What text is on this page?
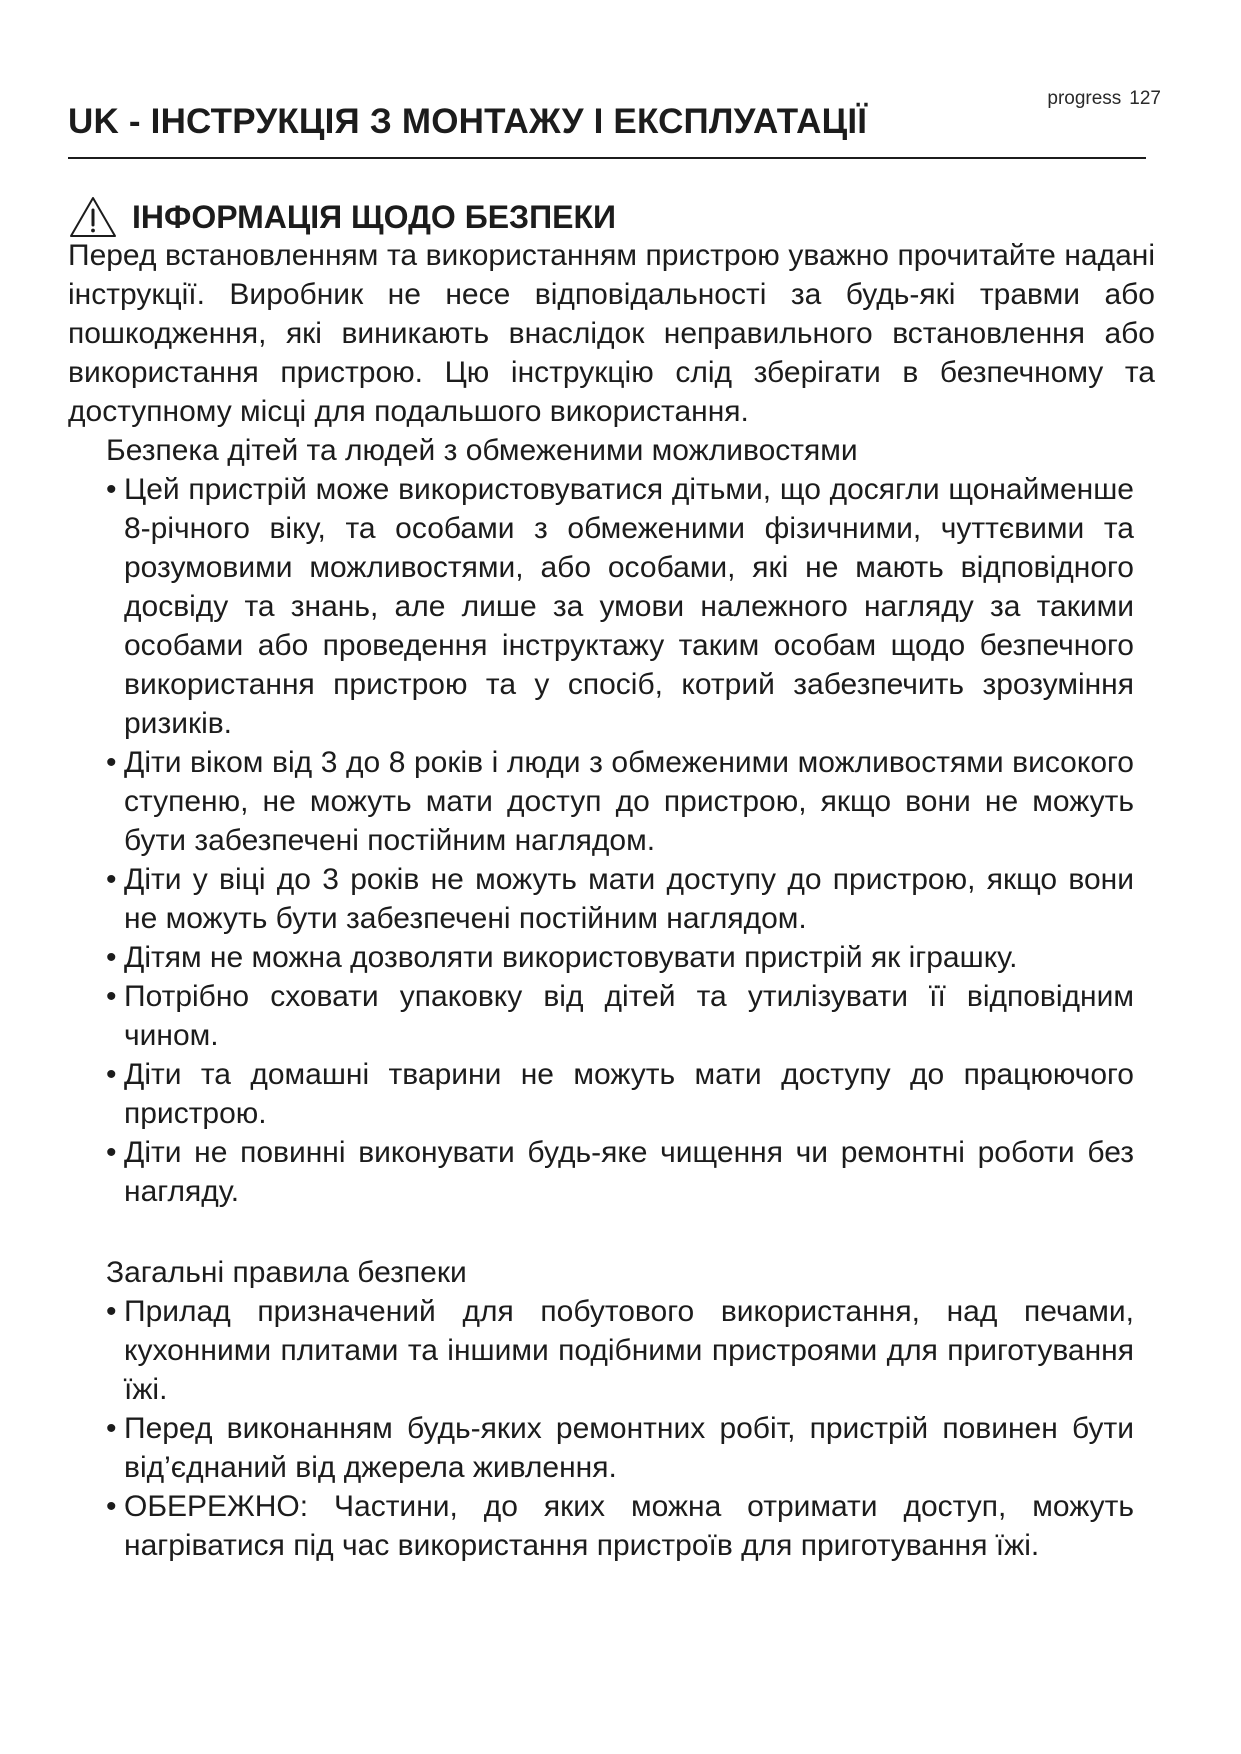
progress 127
UK - ІНСТРУКЦІЯ З МОНТАЖУ І ЕКСПЛУАТАЦІЇ
ІНФОРМАЦІЯ ЩОДО БЕЗПЕКИ

Перед встановленням та використанням пристрою уважно прочитайте надані інструкції. Виробник не несе відповідальності за будь-які травми або пошкодження, які виникають внаслідок неправильного встановлення або використання пристрою. Цю інструкцію слід зберігати в безпечному та доступному місці для подальшого використання.

Безпека дітей та людей з обмеженими можливостями

• Цей пристрій може використовуватися дітьми, що досягли щонайменше 8-річного віку, та особами з обмеженими фізичними, чуттєвими та розумовими можливостями, або особами, які не мають відповідного досвіду та знань, але лише за умови належного нагляду за такими особами або проведення інструктажу таким особам щодо безпечного використання пристрою та у спосіб, котрий забезпечить зрозуміння ризиків.
• Діти віком від 3 до 8 років і люди з обмеженими можливостями високого ступеню, не можуть мати доступ до пристрою, якщо вони не можуть бути забезпечені постійним наглядом.
• Діти у віці до 3 років не можуть мати доступу до пристрою, якщо вони не можуть бути забезпечені постійним наглядом.
• Дітям не можна дозволяти використовувати пристрій як іграшку.
• Потрібно сховати упаковку від дітей та утилізувати її відповідним чином.
• Діти та домашні тварини не можуть мати доступу до працюючого пристрою.
• Діти не повинні виконувати будь-яке чищення чи ремонтні роботи без нагляду.

Загальні правила безпеки

• Прилад призначений для побутового використання, над печами, кухонними плитами та іншими подібними пристроями для приготування їжі.
• Перед виконанням будь-яких ремонтних робіт, пристрій повинен бути від’єднаний від джерела живлення.
• ОБЕРЕЖНО: Частини, до яких можна отримати доступ, можуть нагріватися під час використання пристроїв для приготування їжі.
